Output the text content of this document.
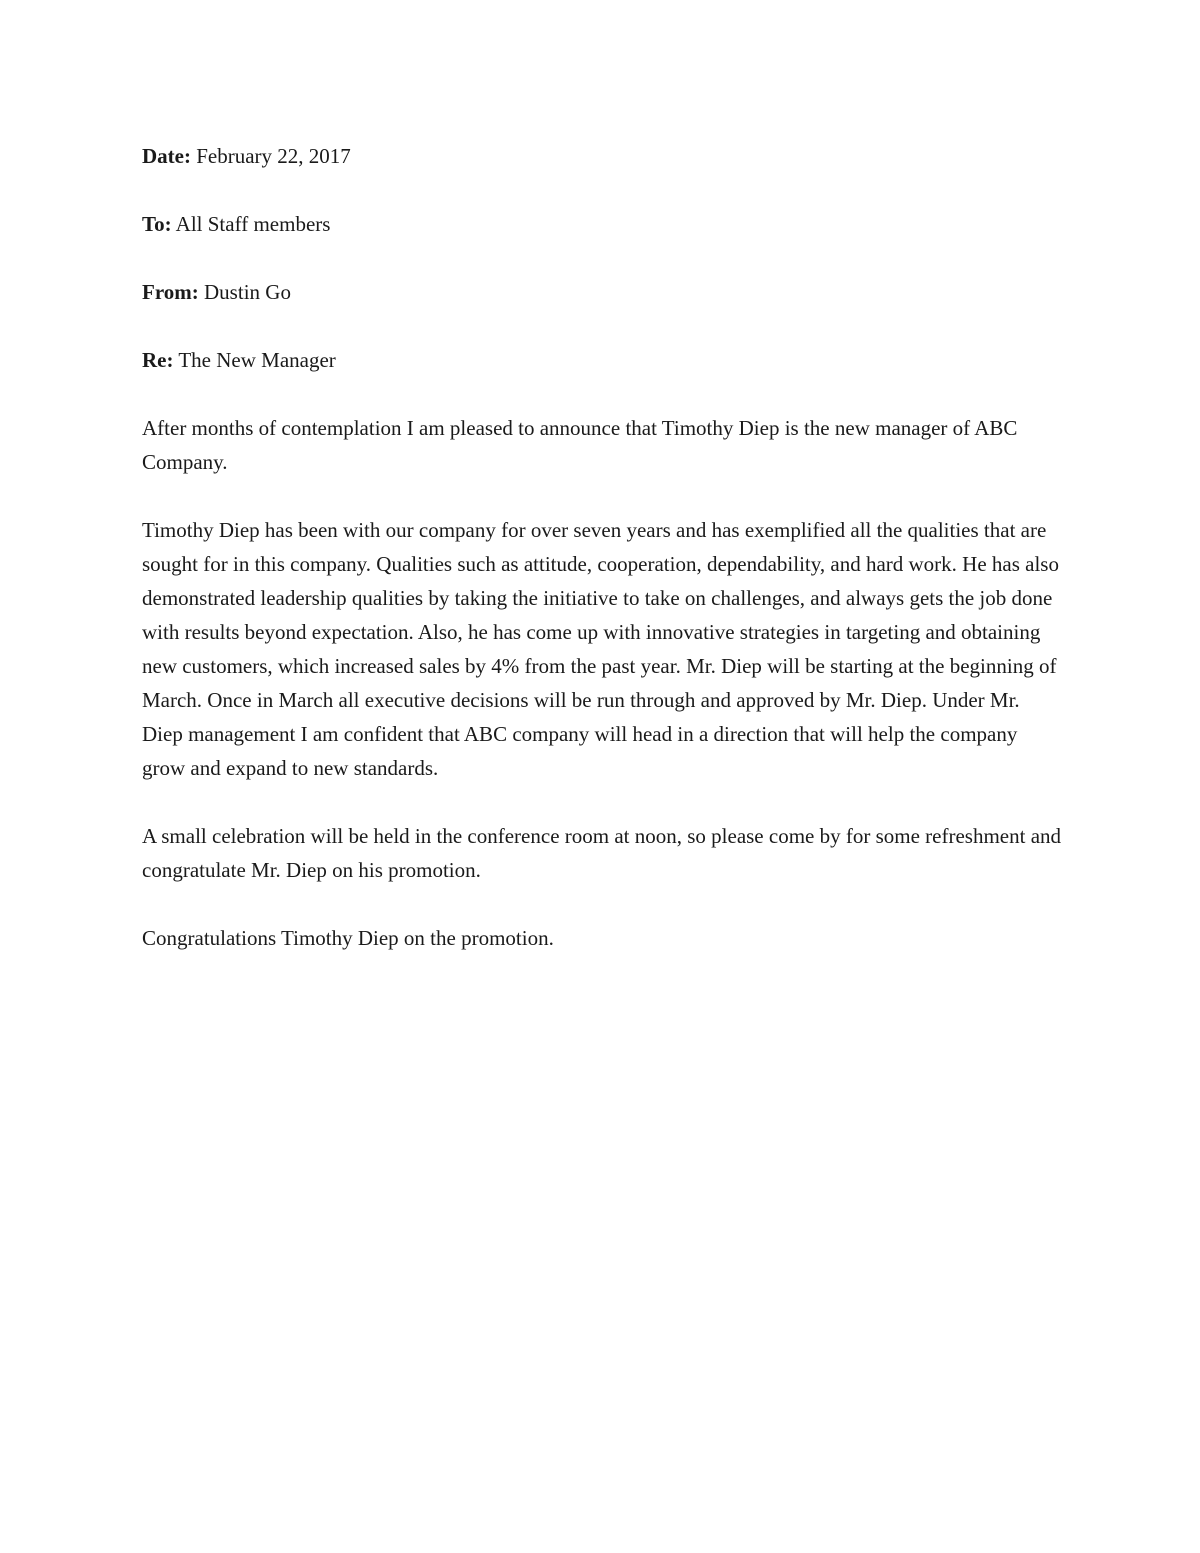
Date: February 22, 2017
To: All Staff members
From: Dustin Go
Re: The New Manager

After months of contemplation I am pleased to announce that Timothy Diep is the new manager of ABC Company.

Timothy Diep has been with our company for over seven years and has exemplified all the qualities that are sought for in this company. Qualities such as attitude, cooperation, dependability, and hard work. He has also demonstrated leadership qualities by taking the initiative to take on challenges, and always gets the job done with results beyond expectation. Also, he has come up with innovative strategies in targeting and obtaining new customers, which increased sales by 4% from the past year. Mr. Diep will be starting at the beginning of March. Once in March all executive decisions will be run through and approved by Mr. Diep. Under Mr. Diep management I am confident that ABC company will head in a direction that will help the company grow and expand to new standards.

A small celebration will be held in the conference room at noon, so please come by for some refreshment and congratulate Mr. Diep on his promotion.

Congratulations Timothy Diep on the promotion.
